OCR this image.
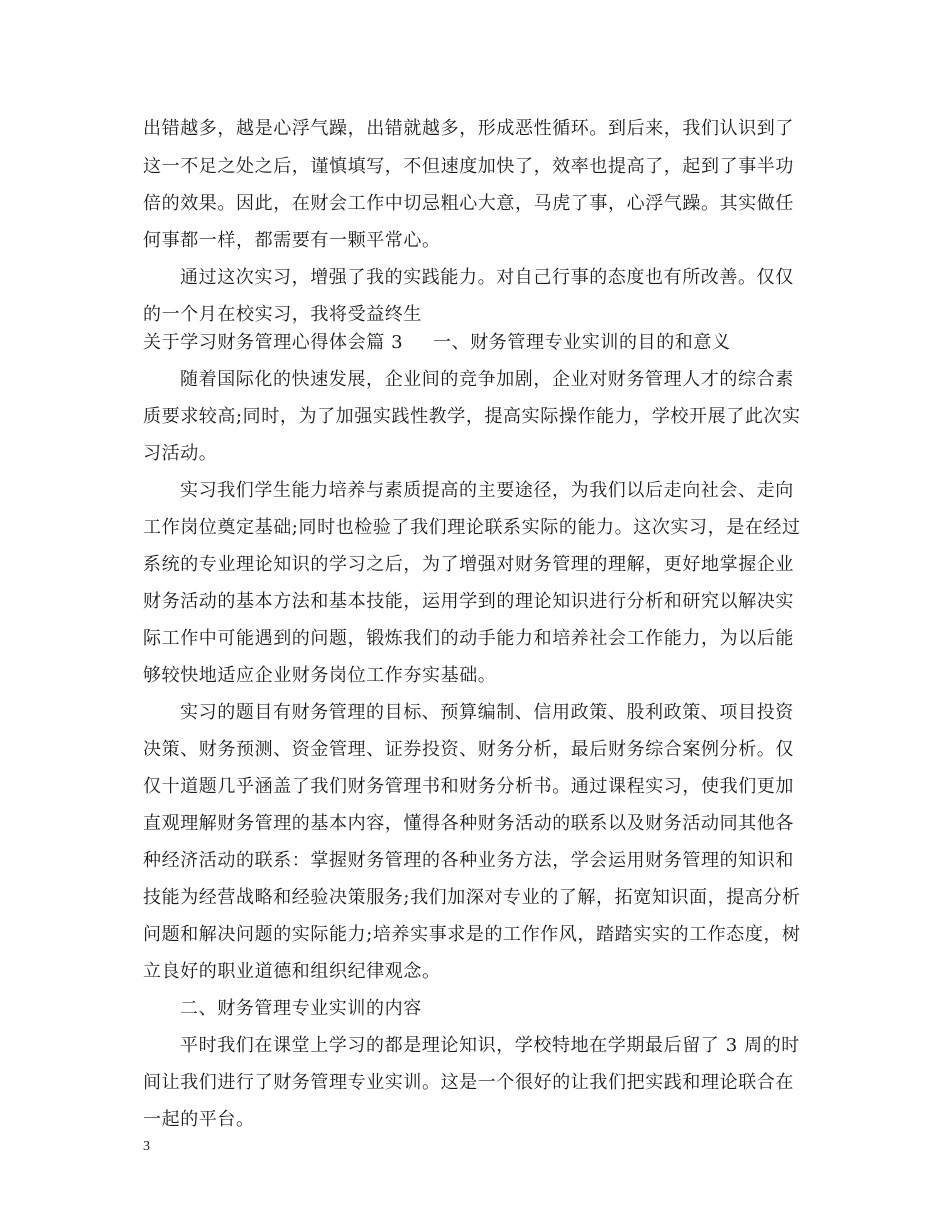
出错越多，越是心浮气躁，出错就越多，形成恶性循环。到后来，我们认识到了
这一不足之处之后，谨慎填写，不但速度加快了，效率也提高了，起到了事半功
倍的效果。因此，在财会工作中切忌粗心大意，马虎了事，心浮气躁。其实做任
何事都一样，都需要有一颗平常心。
通过这次实习，增强了我的实践能力。对自己行事的态度也有所改善。仅仅
的一个月在校实习，我将受益终生
关于学习财务管理心得体会篇 3 一、财务管理专业实训的目的和意义
随着国际化的快速发展，企业间的竞争加剧，企业对财务管理人才的综合素
质要求较高;同时，为了加强实践性教学，提高实际操作能力，学校开展了此次实
习活动。
实习我们学生能力培养与素质提高的主要途径，为我们以后走向社会、走向
工作岗位奠定基础;同时也检验了我们理论联系实际的能力。这次实习，是在经过
系统的专业理论知识的学习之后，为了增强对财务管理的理解，更好地掌握企业
财务活动的基本方法和基本技能，运用学到的理论知识进行分析和研究以解决实
际工作中可能遇到的问题，锻炼我们的动手能力和培养社会工作能力，为以后能
够较快地适应企业财务岗位工作夯实基础。
实习的题目有财务管理的目标、预算编制、信用政策、股利政策、项目投资
决策、财务预测、资金管理、证券投资、财务分析，最后财务综合案例分析。仅
仅十道题几乎涵盖了我们财务管理书和财务分析书。通过课程实习，使我们更加
直观理解财务管理的基本内容，懂得各种财务活动的联系以及财务活动同其他各
种经济活动的联系：掌握财务管理的各种业务方法，学会运用财务管理的知识和
技能为经营战略和经验决策服务;我们加深对专业的了解，拓宽知识面，提高分析
问题和解决问题的实际能力;培养实事求是的工作作风，踏踏实实的工作态度，树
立良好的职业道德和组织纪律观念。
二、财务管理专业实训的内容
平时我们在课堂上学习的都是理论知识，学校特地在学期最后留了 3 周的时
间让我们进行了财务管理专业实训。这是一个很好的让我们把实践和理论联合在
一起的平台。
3
